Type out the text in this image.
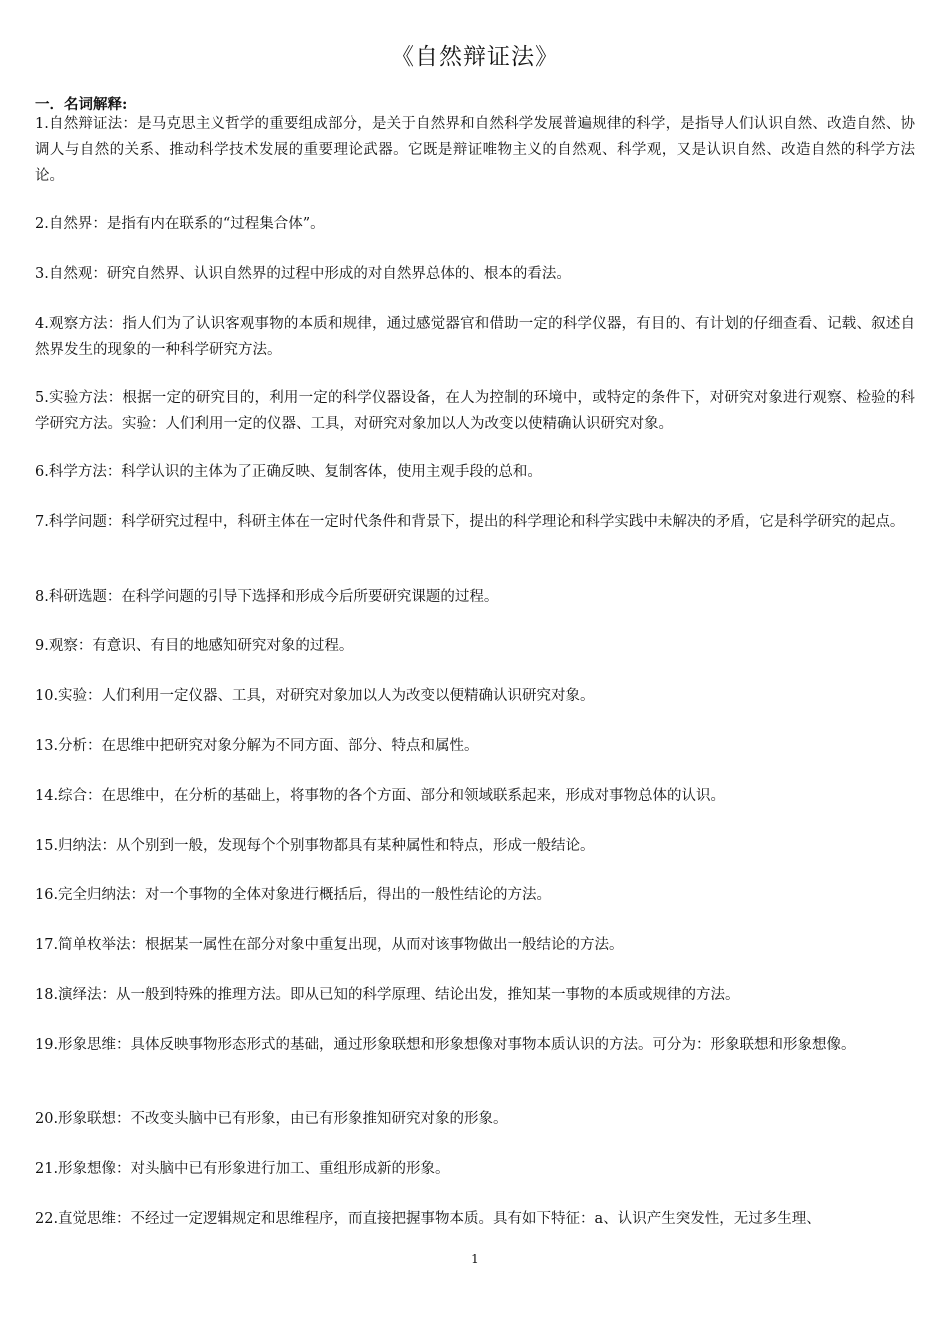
《自然辩证法》
一．名词解释:
1.自然辩证法：是马克思主义哲学的重要组成部分，是关于自然界和自然科学发展普遍规律的科学，是指导人们认识自然、改造自然、协调人与自然的关系、推动科学技术发展的重要理论武器。它既是辩证唯物主义的自然观、科学观，又是认识自然、改造自然的科学方法论。
2.自然界：是指有内在联系的“过程集合体”。
3.自然观：研究自然界、认识自然界的过程中形成的对自然界总体的、根本的看法。
4.观察方法：指人们为了认识客观事物的本质和规律，通过感觉器官和借助一定的科学仪器，有目的、有计划的仔细查看、记载、叙述自然界发生的现象的一种科学研究方法。
5.实验方法：根据一定的研究目的，利用一定的科学仪器设备，在人为控制的环境中，或特定的条件下，对研究对象进行观察、检验的科学研究方法。实验：人们利用一定的仪器、工具，对研究对象加以人为改变以使精确认识研究对象。
6.科学方法：科学认识的主体为了正确反映、复制客体，使用主观手段的总和。
7.科学问题：科学研究过程中，科研主体在一定时代条件和背景下，提出的科学理论和科学实践中未解决的矛盾，它是科学研究的起点。
8.科研选题：在科学问题的引导下选择和形成今后所要研究课题的过程。
9.观察：有意识、有目的地感知研究对象的过程。
10.实验：人们利用一定仪器、工具，对研究对象加以人为改变以便精确认识研究对象。
13.分析：在思维中把研究对象分解为不同方面、部分、特点和属性。
14.综合：在思维中，在分析的基础上，将事物的各个方面、部分和领域联系起来，形成对事物总体的认识。
15.归纳法：从个别到一般，发现每个个别事物都具有某种属性和特点，形成一般结论。
16.完全归纳法：对一个事物的全体对象进行概括后，得出的一般性结论的方法。
17.简单枚举法：根据某一属性在部分对象中重复出现，从而对该事物做出一般结论的方法。
18.演绎法：从一般到特殊的推理方法。即从已知的科学原理、结论出发，推知某一事物的本质或规律的方法。
19.形象思维：具体反映事物形态形式的基础，通过形象联想和形象想像对事物本质认识的方法。可分为：形象联想和形象想像。
20.形象联想：不改变头脑中已有形象，由已有形象推知研究对象的形象。
21.形象想像：对头脑中已有形象进行加工、重组形成新的形象。
22.直觉思维：不经过一定逻辑规定和思维程序，而直接把握事物本质。具有如下特征：a、认识产生突发性，无过多生理、
1
